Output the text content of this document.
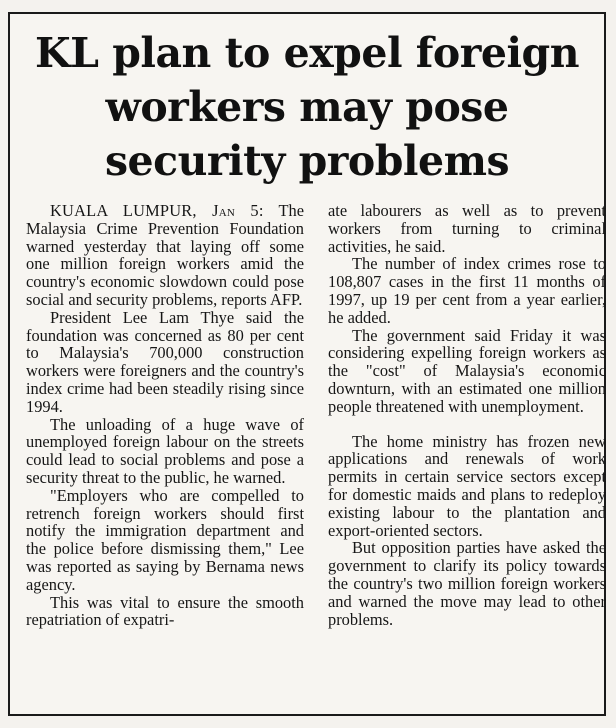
KL plan to expel foreign
workers may pose
security problems

KUALA LUMPUR, Jan 5: The Malaysia Crime Prevention Foundation warned yesterday that laying off some one million foreign workers amid the country's economic slowdown could pose social and security problems, reports AFP.

President Lee Lam Thye said the foundation was concerned as 80 per cent to Malaysia's 700,000 construction workers were foreigners and the country's index crime had been steadily rising since 1994.

The unloading of a huge wave of unemployed foreign labour on the streets could lead to social problems and pose a security threat to the public, he warned.

"Employers who are compelled to retrench foreign workers should first notify the immigration department and the police before dismissing them," Lee was reported as saying by Bernama news agency.

This was vital to ensure the smooth repatriation of expatri-

ate labourers as well as to prevent workers from turning to criminal activities, he said.

The number of index crimes rose to 108,807 cases in the first 11 months of 1997, up 19 per cent from a year earlier, he added.

The government said Friday it was considering expelling foreign workers as the "cost" of Malaysia's economic downturn, with an estimated one million people threatened with unemployment.

The home ministry has frozen new applications and renewals of work permits in certain service sectors except for domestic maids and plans to redeploy existing labour to the plantation and export-oriented sectors.

But opposition parties have asked the government to clarify its policy towards the country's two million foreign workers and warned the move may lead to other problems.
